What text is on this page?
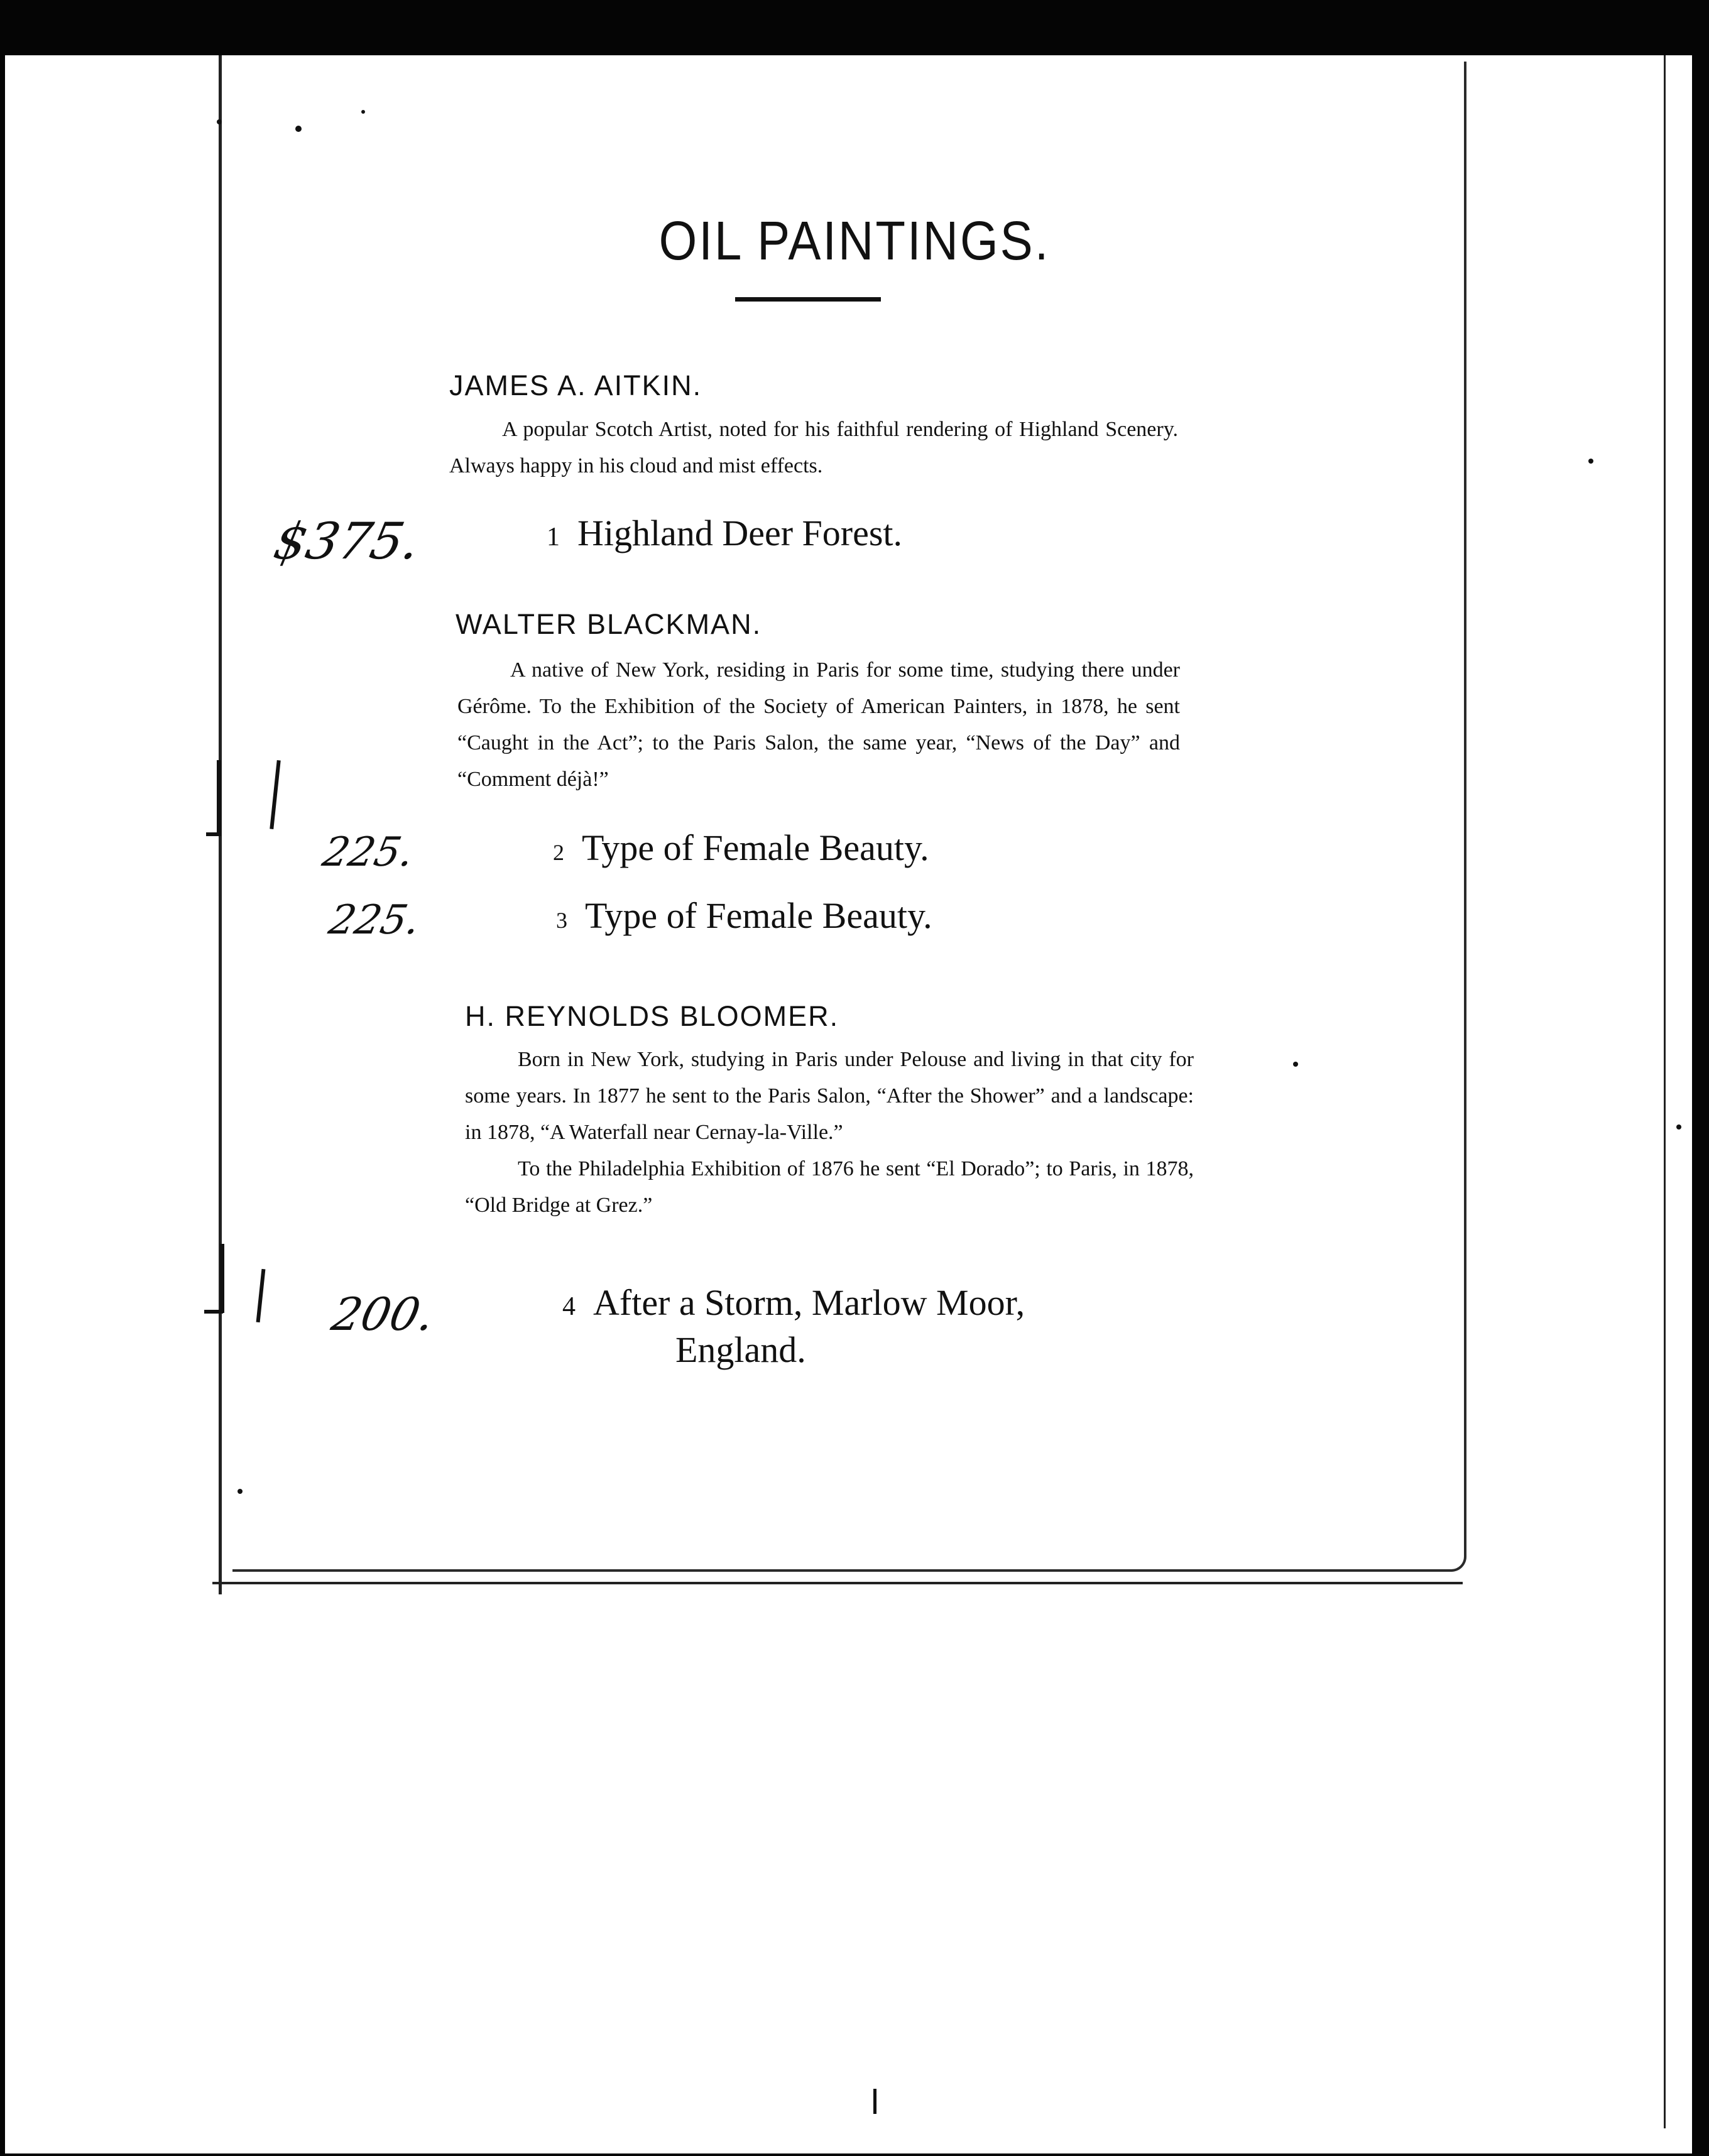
OIL PAINTINGS.
JAMES A. AITKIN.

A popular Scotch Artist, noted for his faithful rendering of Highland Scenery. Always happy in his cloud and mist effects.

$375.	1 Highland Deer Forest.
WALTER BLACKMAN.

A native of New York, residing in Paris for some time, studying there under Gérôme. To the Exhibition of the Society of American Painters, in 1878, he sent “Caught in the Act”; to the Paris Salon, the same year, “News of the Day” and “Comment déjà!”

225.	2 Type of Female Beauty.
225.	3 Type of Female Beauty.
H. REYNOLDS BLOOMER.

Born in New York, studying in Paris under Pelouse and living in that city for some years. In 1877 he sent to the Paris Salon, “After the Shower” and a landscape: in 1878, “A Waterfall near Cernay-la-Ville.”

To the Philadelphia Exhibition of 1876 he sent “El Dorado”; to Paris, in 1878, “Old Bridge at Grez.”

200.	4 After a Storm, Marlow Moor,
England.
